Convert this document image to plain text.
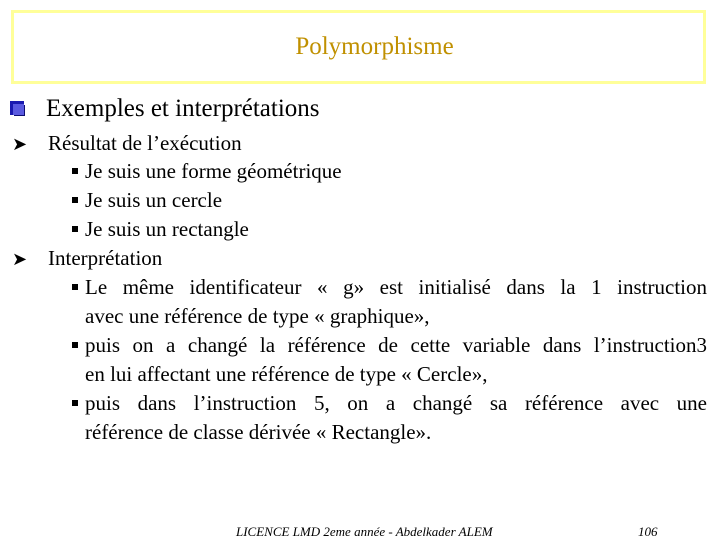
Polymorphisme
Exemples et interprétations
➤ Résultat de l’exécution
Je suis une forme géométrique
Je suis un cercle
Je suis un rectangle
➤ Interprétation
Le même identificateur « g» est initialisé dans la 1 instruction
avec une référence de type « graphique»,
puis on a changé la référence de cette variable dans l’instruction3
en lui affectant une référence de type « Cercle»,
puis dans l’instruction 5, on a changé sa référence avec une
référence de classe dérivée « Rectangle».
LICENCE LMD 2eme année - Abdelkader ALEM	106
